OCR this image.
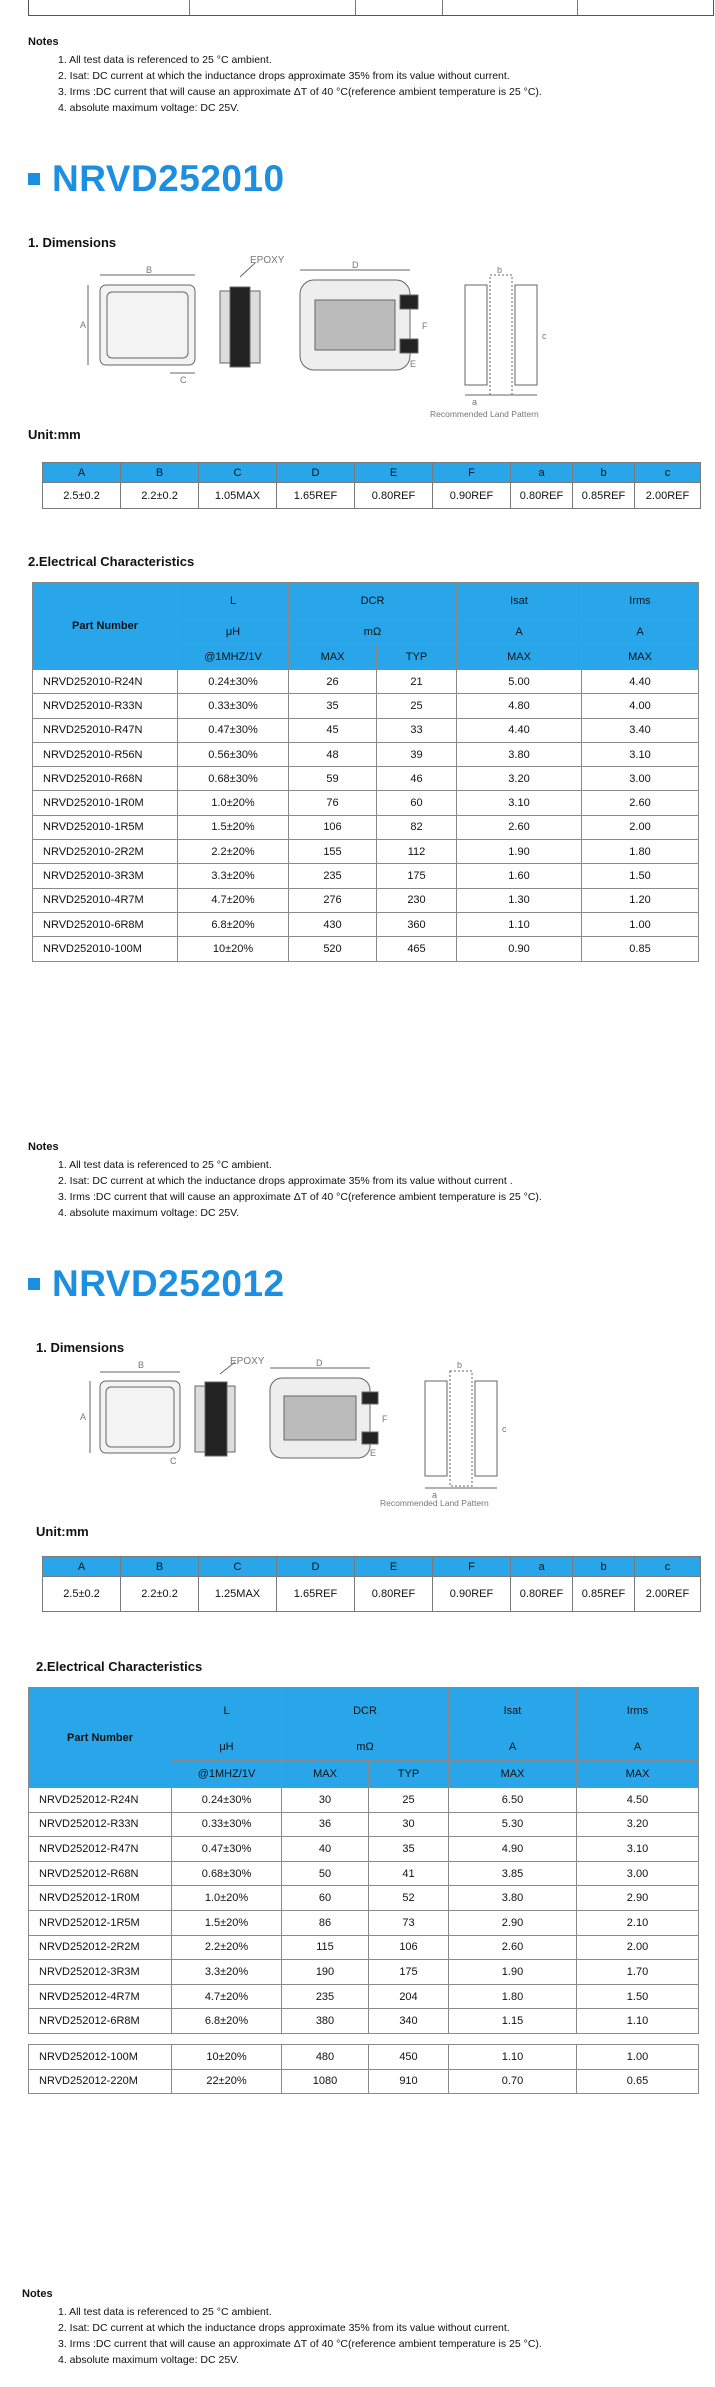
Notes
1. All test data is referenced to 25 °C ambient.
2. Isat: DC current at which the inductance drops approximate 35% from its value without current.
3. Irms :DC current that will cause an approximate ΔT of 40 °C(reference ambient temperature is 25 °C).
4. absolute maximum voltage: DC 25V.
NRVD252010
1. Dimensions
B
A
C
D
E
F
a
b
c
EPOXY
Recommended Land Pattern
Unit:mm
A	B	C	D	E	F	a	b	c
2.5±0.2	2.2±0.2	1.05MAX	1.65REF	0.80REF	0.90REF	0.80REF	0.85REF	2.00REF
2.Electrical Characteristics
Part Number	L	DCR		Isat	Irms
	μH	mΩ		A	A
	@1MHZ/1V	MAX	TYP	MAX	MAX
NRVD252010-R24N	0.24±30%	26	21	5.00	4.40
NRVD252010-R33N	0.33±30%	35	25	4.80	4.00
NRVD252010-R47N	0.47±30%	45	33	4.40	3.40
NRVD252010-R56N	0.56±30%	48	39	3.80	3.10
NRVD252010-R68N	0.68±30%	59	46	3.20	3.00
NRVD252010-1R0M	1.0±20%	76	60	3.10	2.60
NRVD252010-1R5M	1.5±20%	106	82	2.60	2.00
NRVD252010-2R2M	2.2±20%	155	112	1.90	1.80
NRVD252010-3R3M	3.3±20%	235	175	1.60	1.50
NRVD252010-4R7M	4.7±20%	276	230	1.30	1.20
NRVD252010-6R8M	6.8±20%	430	360	1.10	1.00
NRVD252010-100M	10±20%	520	465	0.90	0.85
Notes
1. All test data is referenced to 25 °C ambient.
2. Isat: DC current at which the inductance drops approximate 35% from its value without current .
3. Irms :DC current that will cause an approximate ΔT of 40 °C(reference ambient temperature is 25 °C).
4. absolute maximum voltage: DC 25V.
NRVD252012
1. Dimensions
B
A
C
D
E
F
a
b
c
EPOXY
Recommended Land Pattern
Unit:mm
A	B	C	D	E	F	a	b	c
2.5±0.2	2.2±0.2	1.25MAX	1.65REF	0.80REF	0.90REF	0.80REF	0.85REF	2.00REF
2.Electrical Characteristics
Part Number	L	DCR		Isat	Irms
	μH	mΩ		A	A
	@1MHZ/1V	MAX	TYP	MAX	MAX
NRVD252012-R24N	0.24±30%	30	25	6.50	4.50
NRVD252012-R33N	0.33±30%	36	30	5.30	3.20
NRVD252012-R47N	0.47±30%	40	35	4.90	3.10
NRVD252012-R68N	0.68±30%	50	41	3.85	3.00
NRVD252012-1R0M	1.0±20%	60	52	3.80	2.90
NRVD252012-1R5M	1.5±20%	86	73	2.90	2.10
NRVD252012-2R2M	2.2±20%	115	106	2.60	2.00
NRVD252012-3R3M	3.3±20%	190	175	1.90	1.70
NRVD252012-4R7M	4.7±20%	235	204	1.80	1.50
NRVD252012-6R8M	6.8±20%	380	340	1.15	1.10

NRVD252012-100M	10±20%	480	450	1.10	1.00
NRVD252012-220M	22±20%	1080	910	0.70	0.65
Notes
1. All test data is referenced to 25 °C ambient.
2. Isat: DC current at which the inductance drops approximate 35% from its value without current.
3. Irms :DC current that will cause an approximate ΔT of 40 °C(reference ambient temperature is 25 °C).
4. absolute maximum voltage: DC 25V.
